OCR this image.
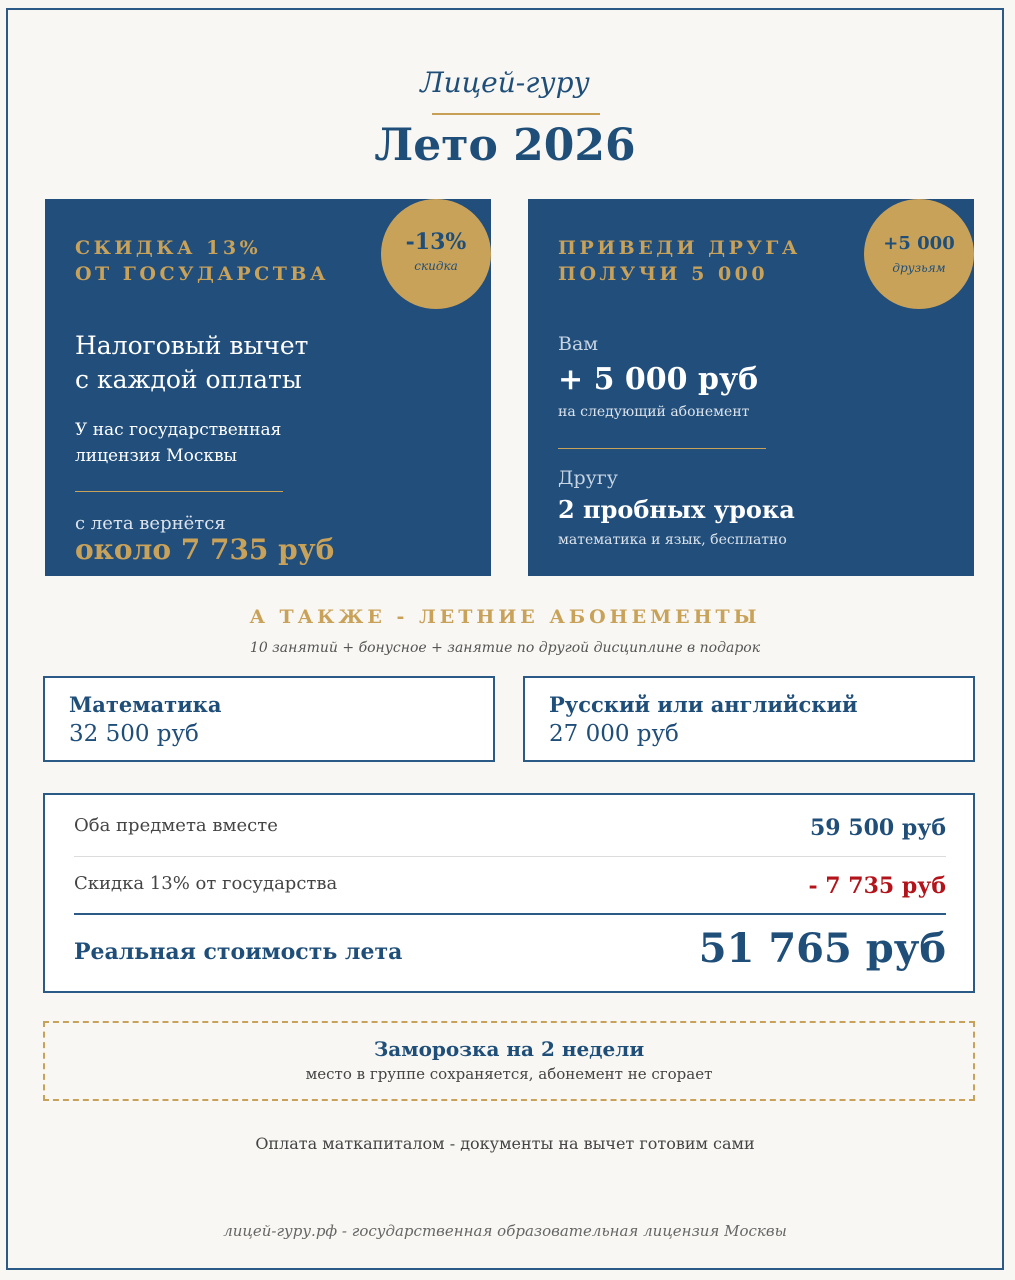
Лицей-гуру
Лето 2026
СКИДКА 13%
ОТ ГОСУДАРСТВА
-13%
скидка
Налоговый вычет
с каждой оплаты
У нас государственная
лицензия Москвы
с лета вернётся
около 7 735 руб
ПРИВЕДИ ДРУГА
ПОЛУЧИ 5 000
+5 000
друзьям
Вам
+ 5 000 руб
на следующий абонемент
Другу
2 пробных урока
математика и язык, бесплатно
А ТАКЖЕ - ЛЕТНИЕ АБОНЕМЕНТЫ
10 занятий + бонусное + занятие по другой дисциплине в подарок
Математика
32 500 руб
Русский или английский
27 000 руб
Оба предмета вместе	59 500 руб
Скидка 13% от государства	- 7 735 руб
Реальная стоимость лета	51 765 руб
Заморозка на 2 недели
место в группе сохраняется, абонемент не сгорает
Оплата маткапиталом - документы на вычет готовим сами
лицей-гуру.рф - государственная образовательная лицензия Москвы
